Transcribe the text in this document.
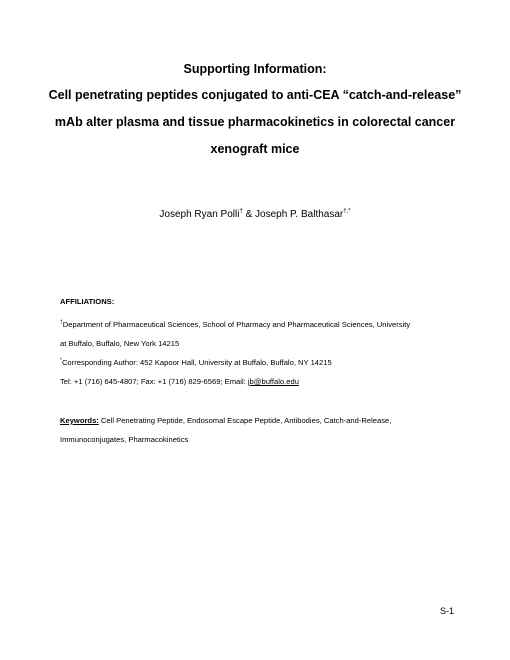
Supporting Information:
Cell penetrating peptides conjugated to anti-CEA “catch-and-release”
mAb alter plasma and tissue pharmacokinetics in colorectal cancer
xenograft mice
Joseph Ryan Polli† & Joseph P. Balthasar†,*
AFFILIATIONS:
†Department of Pharmaceutical Sciences, School of Pharmacy and Pharmaceutical Sciences, University
at Buffalo, Buffalo, New York 14215
*Corresponding Author: 452 Kapoor Hall, University at Buffalo, Buffalo, NY 14215
Tel: +1 (716) 645-4807; Fax: +1 (716) 829-6569; Email: jb@buffalo.edu
Keywords: Cell Penetrating Peptide, Endosomal Escape Peptide, Antibodies, Catch-and-Release,
Immunoconjugates, Pharmacokinetics
S-1
